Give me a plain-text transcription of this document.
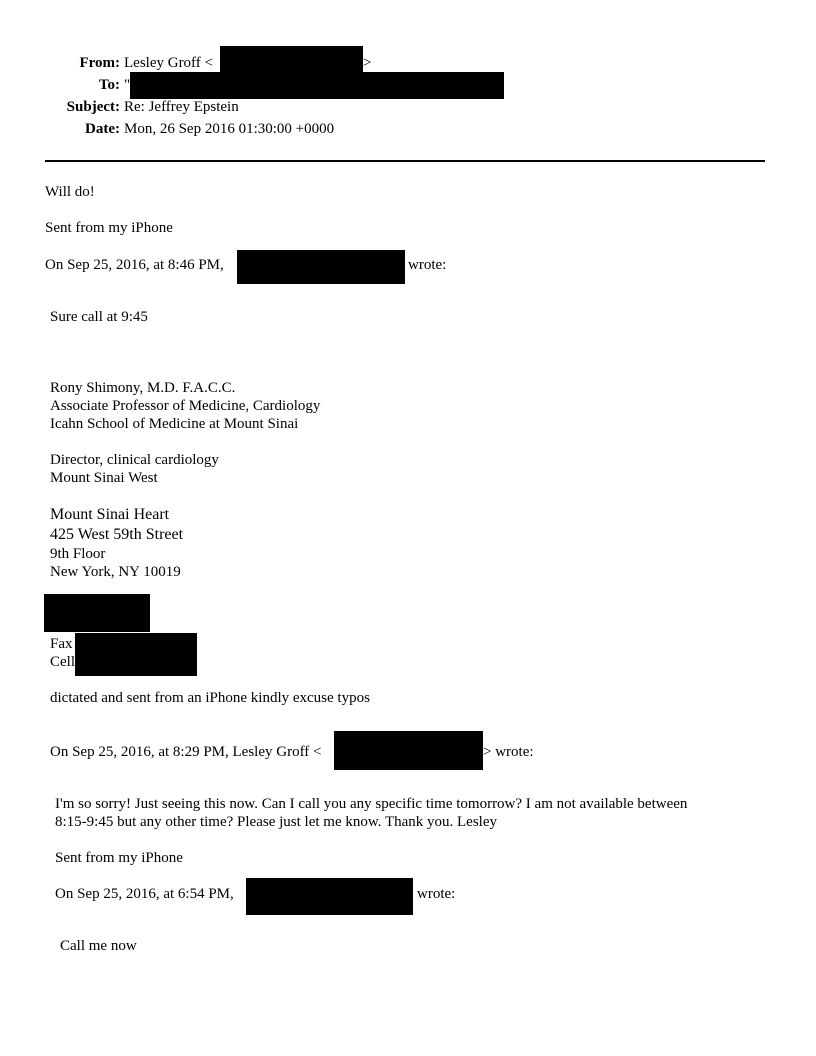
From: Lesley Groff <	>
To: "
Subject: Re: Jeffrey Epstein
Date: Mon, 26 Sep 2016 01:30:00 +0000
Will do!
Sent from my iPhone
On Sep 25, 2016, at 8:46 PM,	wrote:
Sure call at 9:45
Rony Shimony, M.D. F.A.C.C.
Associate Professor of Medicine, Cardiology
Icahn School of Medicine at Mount Sinai
Director, clinical cardiology
Mount Sinai West
Mount Sinai Heart
425 West 59th Street
9th Floor
New York, NY 10019
Fax
Cell
dictated and sent from an iPhone kindly excuse typos
On Sep 25, 2016, at 8:29 PM, Lesley Groff <	> wrote:
I'm so sorry! Just seeing this now. Can I call you any specific time tomorrow? I am not available between
8:15-9:45 but any other time? Please just let me know. Thank you. Lesley
Sent from my iPhone
On Sep 25, 2016, at 6:54 PM,	wrote:
Call me now
